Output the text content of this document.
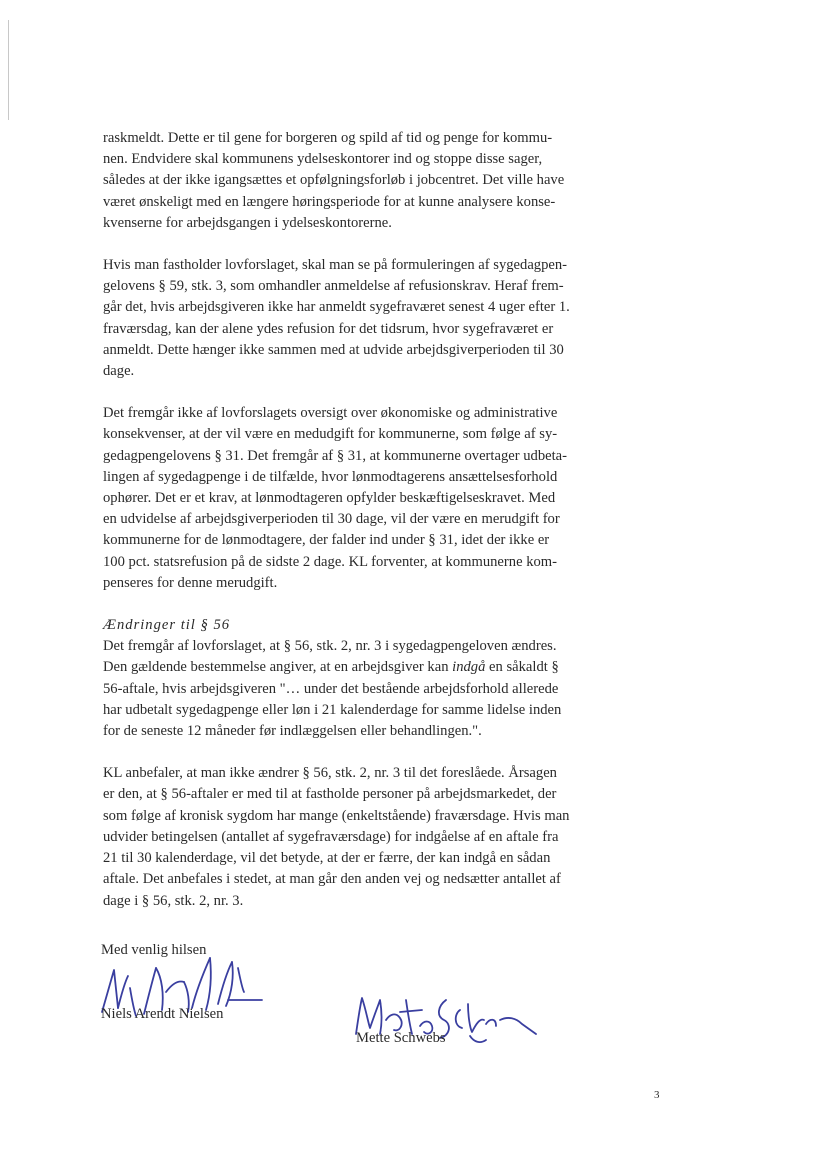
raskmeldt. Dette er til gene for borgeren og spild af tid og penge for kommu-

nen. Endvidere skal kommunens ydelseskontorer ind og stoppe disse sager,

således at der ikke igangsættes et opfølgningsforløb i jobcentret. Det ville have

været ønskeligt med en længere høringsperiode for at kunne analysere konse-

kvenserne for arbejdsgangen i ydelseskontorerne.

Hvis man fastholder lovforslaget, skal man se på formuleringen af sygedagpen-

gelovens § 59, stk. 3, som omhandler anmeldelse af refusionskrav. Heraf frem-

går det, hvis arbejdsgiveren ikke har anmeldt sygefraværet senest 4 uger efter 1.

fraværsdag, kan der alene ydes refusion for det tidsrum, hvor sygefraværet er

anmeldt. Dette hænger ikke sammen med at udvide arbejdsgiverperioden til 30

dage.

Det fremgår ikke af lovforslagets oversigt over økonomiske og administrative

konsekvenser, at der vil være en medudgift for kommunerne, som følge af sy-

gedagpengelovens § 31. Det fremgår af § 31, at kommunerne overtager udbeta-

lingen af sygedagpenge i de tilfælde, hvor lønmodtagerens ansættelsesforhold

ophører. Det er et krav, at lønmodtageren opfylder beskæftigelseskravet. Med

en udvidelse af arbejdsgiverperioden til 30 dage, vil der være en merudgift for

kommunerne for de lønmodtagere, der falder ind under § 31, idet der ikke er

100 pct. statsrefusion på de sidste 2 dage. KL forventer, at kommunerne kom-

penseres for denne merudgift.

Ændringer til § 56

Det fremgår af lovforslaget, at § 56, stk. 2, nr. 3 i sygedagpengeloven ændres.

Den gældende bestemmelse angiver, at en arbejdsgiver kan indgå en såkaldt §

56-aftale, hvis arbejdsgiveren "… under det bestående arbejdsforhold allerede

har udbetalt sygedagpenge eller løn i 21 kalenderdage for samme lidelse inden

for de seneste 12 måneder før indlæggelsen eller behandlingen.".

KL anbefaler, at man ikke ændrer § 56, stk. 2, nr. 3 til det foreslåede. Årsagen

er den, at § 56-aftaler er med til at fastholde personer på arbejdsmarkedet, der

som følge af kronisk sygdom har mange (enkeltstående) fraværsdage. Hvis man

udvider betingelsen (antallet af sygefraværsdage) for indgåelse af en aftale fra

21 til 30 kalenderdage, vil det betyde, at der er færre, der kan indgå en sådan

aftale. Det anbefales i stedet, at man går den anden vej og nedsætter antallet af

dage i § 56, stk. 2, nr. 3.

Med venlig hilsen
Niels Arendt Nielsen
Mette Schwebs
3
